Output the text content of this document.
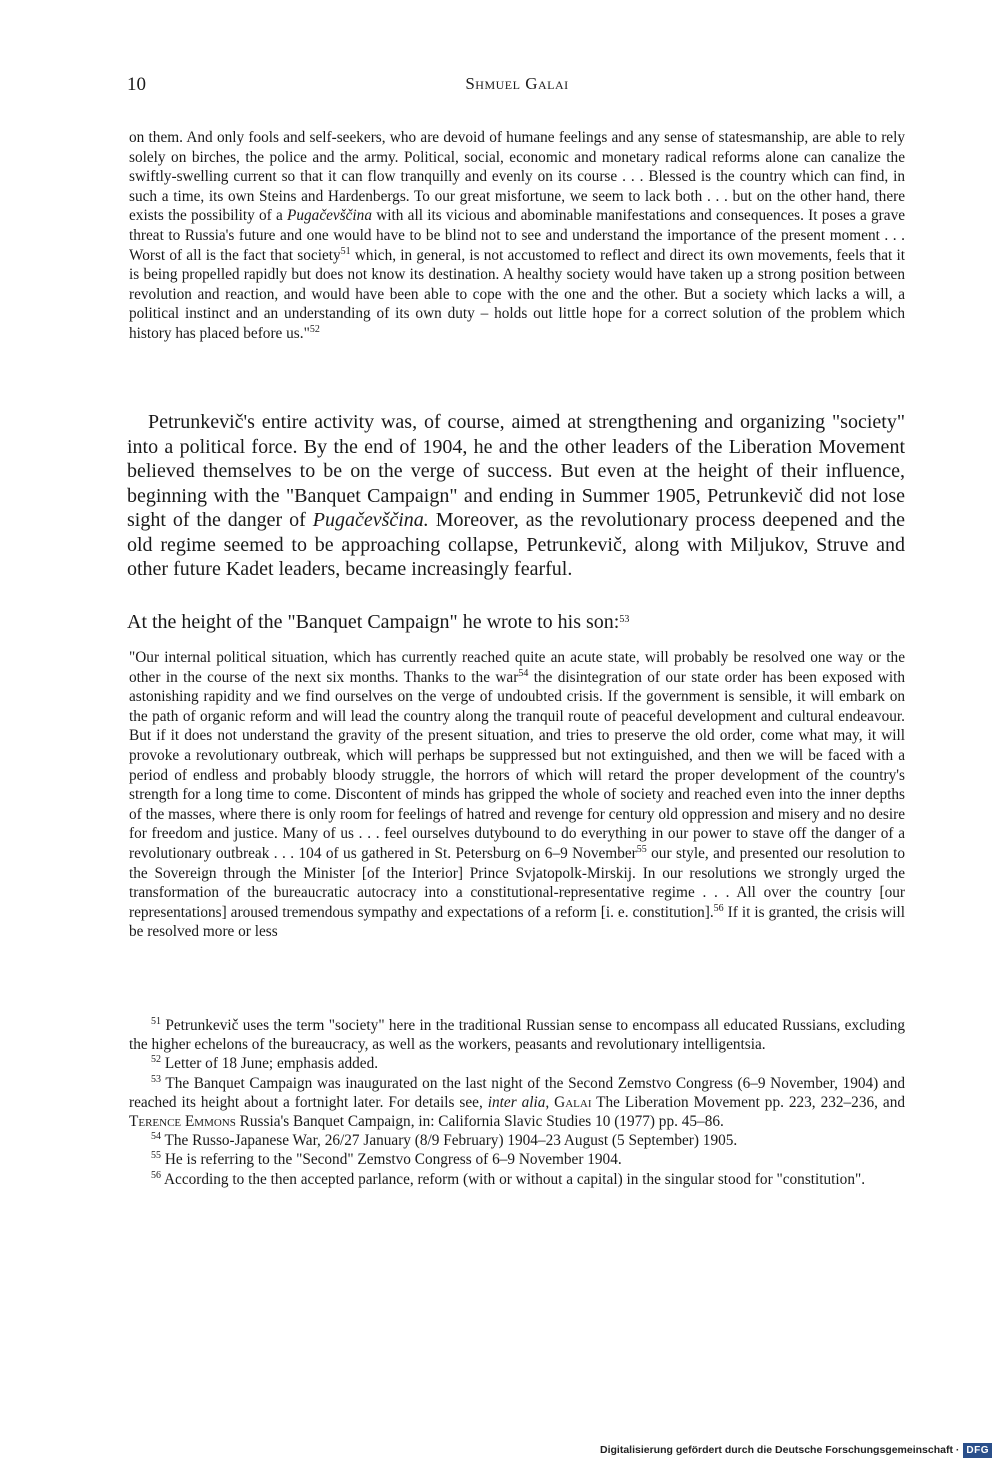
10	Shmuel Galai
on them. And only fools and self-seekers, who are devoid of humane feelings and any sense of statesmanship, are able to rely solely on birches, the police and the army. Political, social, economic and monetary radical reforms alone can canalize the swiftly-swelling current so that it can flow tranquilly and evenly on its course . . . Blessed is the country which can find, in such a time, its own Steins and Hardenbergs. To our great misfortune, we seem to lack both . . . but on the other hand, there exists the possibility of a Pugačevščina with all its vicious and abominable manifestations and consequences. It poses a grave threat to Russia's future and one would have to be blind not to see and understand the importance of the present moment . . . Worst of all is the fact that society$^{51}$ which, in general, is not accustomed to reflect and direct its own movements, feels that it is being propelled rapidly but does not know its destination. A healthy society would have taken up a strong position between revolution and reaction, and would have been able to cope with the one and the other. But a society which lacks a will, a political instinct and an understanding of its own duty – holds out little hope for a correct solution of the problem which history has placed before us."$^{52}$
Petrunkevič's entire activity was, of course, aimed at strengthening and organizing "society" into a political force. By the end of 1904, he and the other leaders of the Liberation Movement believed themselves to be on the verge of success. But even at the height of their influence, beginning with the "Banquet Campaign" and ending in Summer 1905, Petrunkevič did not lose sight of the danger of Pugačevščina. Moreover, as the revolutionary process deepened and the old regime seemed to be approaching collapse, Petrunkevič, along with Miljukov, Struve and other future Kadet leaders, became increasingly fearful.
At the height of the "Banquet Campaign" he wrote to his son:$^{53}$
"Our internal political situation, which has currently reached quite an acute state, will probably be resolved one way or the other in the course of the next six months. Thanks to the war$^{54}$ the disintegration of our state order has been exposed with astonishing rapidity and we find ourselves on the verge of undoubted crisis. If the government is sensible, it will embark on the path of organic reform and will lead the country along the tranquil route of peaceful development and cultural endeavour. But if it does not understand the gravity of the present situation, and tries to preserve the old order, come what may, it will provoke a revolutionary outbreak, which will perhaps be suppressed but not extinguished, and then we will be faced with a period of endless and probably bloody struggle, the horrors of which will retard the proper development of the country's strength for a long time to come. Discontent of minds has gripped the whole of society and reached even into the inner depths of the masses, where there is only room for feelings of hatred and revenge for century old oppression and misery and no desire for freedom and justice. Many of us . . . feel ourselves dutybound to do everything in our power to stave off the danger of a revolutionary outbreak . . . 104 of us gathered in St. Petersburg on 6–9 November$^{55}$ our style, and presented our resolution to the Sovereign through the Minister [of the Interior] Prince Svjatopolk-Mirskij. In our resolutions we strongly urged the transformation of the bureaucratic autocracy into a constitutional-representative regime . . . All over the country [our representations] aroused tremendous sympathy and expectations of a reform [i. e. constitution].$^{56}$ If it is granted, the crisis will be resolved more or less

$^{51}$ Petrunkevič uses the term "society" here in the traditional Russian sense to encompass all educated Russians, excluding the higher echelons of the bureaucracy, as well as the workers, peasants and revolutionary intelligentsia.

$^{52}$ Letter of 18 June; emphasis added.

$^{53}$ The Banquet Campaign was inaugurated on the last night of the Second Zemstvo Congress (6–9 November, 1904) and reached its height about a fortnight later. For details see, inter alia, Galai The Liberation Movement pp. 223, 232–236, and Terence Emmons Russia's Banquet Campaign, in: California Slavic Studies 10 (1977) pp. 45–86.

$^{54}$ The Russo-Japanese War, 26/27 January (8/9 February) 1904–23 August (5 September) 1905.

$^{55}$ He is referring to the "Second" Zemstvo Congress of 6–9 November 1904.

$^{56}$ According to the then accepted parlance, reform (with or without a capital) in the singular stood for "constitution".

Digitalisierung gefördert durch die Deutsche Forschungsgemeinschaft · DFG
